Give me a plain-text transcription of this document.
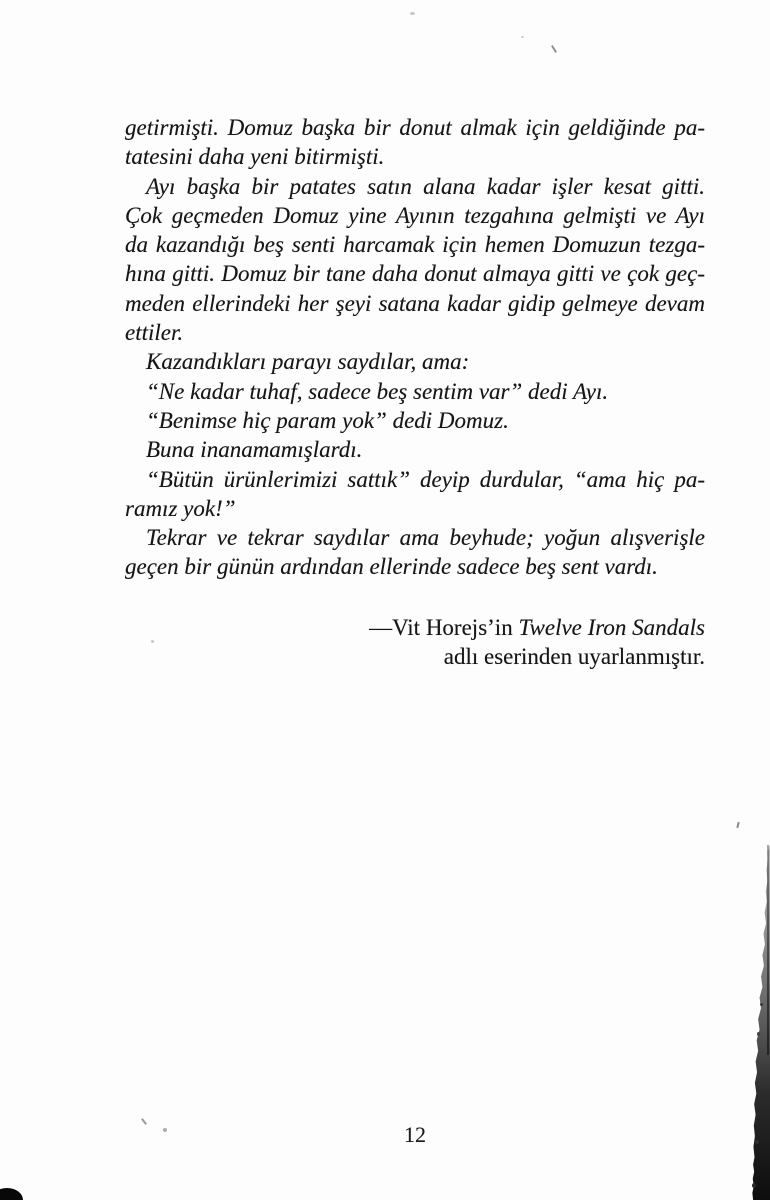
getirmişti. Domuz başka bir donut almak için geldiğinde pa-
tatesini daha yeni bitirmişti.
Ayı başka bir patates satın alana kadar işler kesat gitti.
Çok geçmeden Domuz yine Ayının tezgahına gelmişti ve Ayı
da kazandığı beş senti harcamak için hemen Domuzun tezga-
hına gitti. Domuz bir tane daha donut almaya gitti ve çok geç-
meden ellerindeki her şeyi satana kadar gidip gelmeye devam
ettiler.
Kazandıkları parayı saydılar, ama:
“Ne kadar tuhaf, sadece beş sentim var” dedi Ayı.
“Benimse hiç param yok” dedi Domuz.
Buna inanamamışlardı.
“Bütün ürünlerimizi sattık” deyip durdular, “ama hiç pa-
ramız yok!”
Tekrar ve tekrar saydılar ama beyhude; yoğun alışverişle
geçen bir günün ardından ellerinde sadece beş sent vardı.
—Vit Horejs’in Twelve Iron Sandals
adlı eserinden uyarlanmıştır.
12
